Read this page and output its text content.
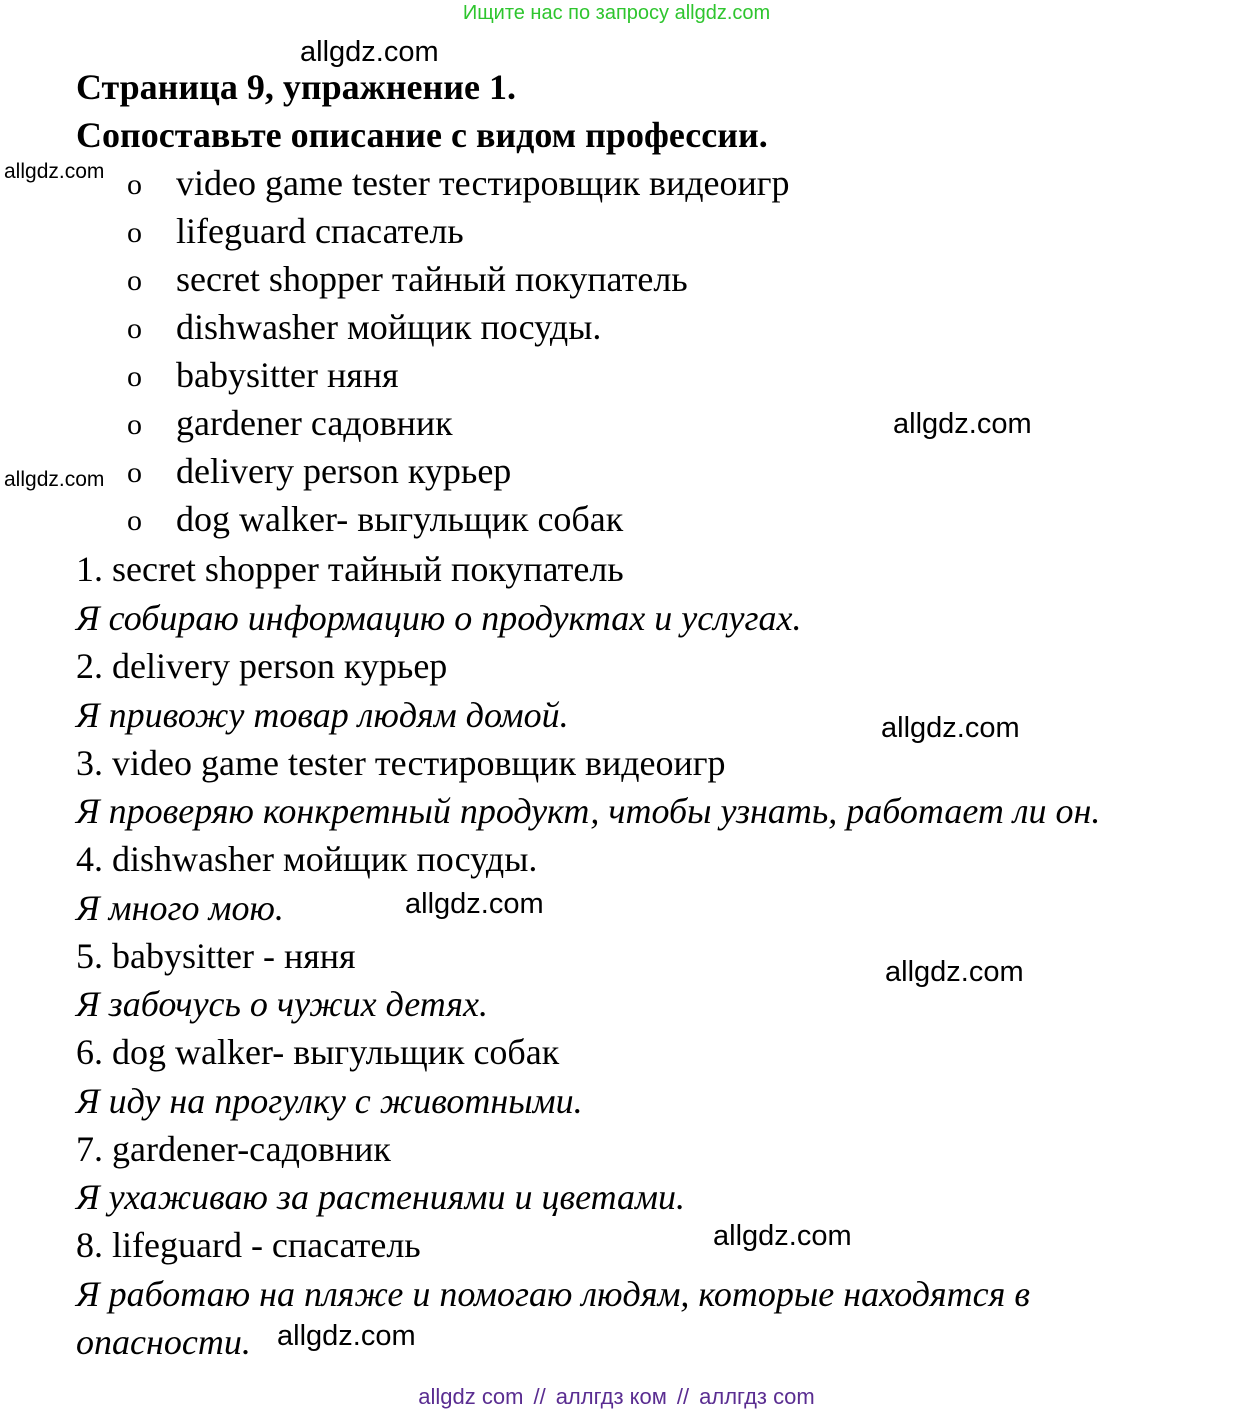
Ищите нас по запросу allgdz.com
allgdz.com
Страница 9, упражнение 1.
Сопоставьте описание с видом профессии.
allgdz.com
allgdz.com
o video game tester тестировщик видеоигр
o lifeguard спасатель
o secret shopper тайный покупатель
o dishwasher мойщик посуды.
o babysitter няня
o gardener садовник
o delivery person курьер
o dog walker- выгульщик собак
allgdz.com
1. secret shopper тайный покупатель
Я собираю информацию о продуктах и услугах.
2. delivery person курьер
Я привожу товар людям домой.	allgdz.com
3. video game tester тестировщик видеоигр
Я проверяю конкретный продукт, чтобы узнать, работает ли он.
4. dishwasher мойщик посуды.
Я много мою.	allgdz.com
5. babysitter - няня
Я забочусь о чужих детях.
allgdz.com
6. dog walker- выгульщик собак
Я иду на прогулку с животными.
7. gardener-садовник
Я ухаживаю за растениями и цветами.
8. lifeguard - спасатель	allgdz.com
Я работаю на пляже и помогаю людям, которые находятся в
опасности. allgdz.com
allgdz com // аллгдз ком // аллгдз com
